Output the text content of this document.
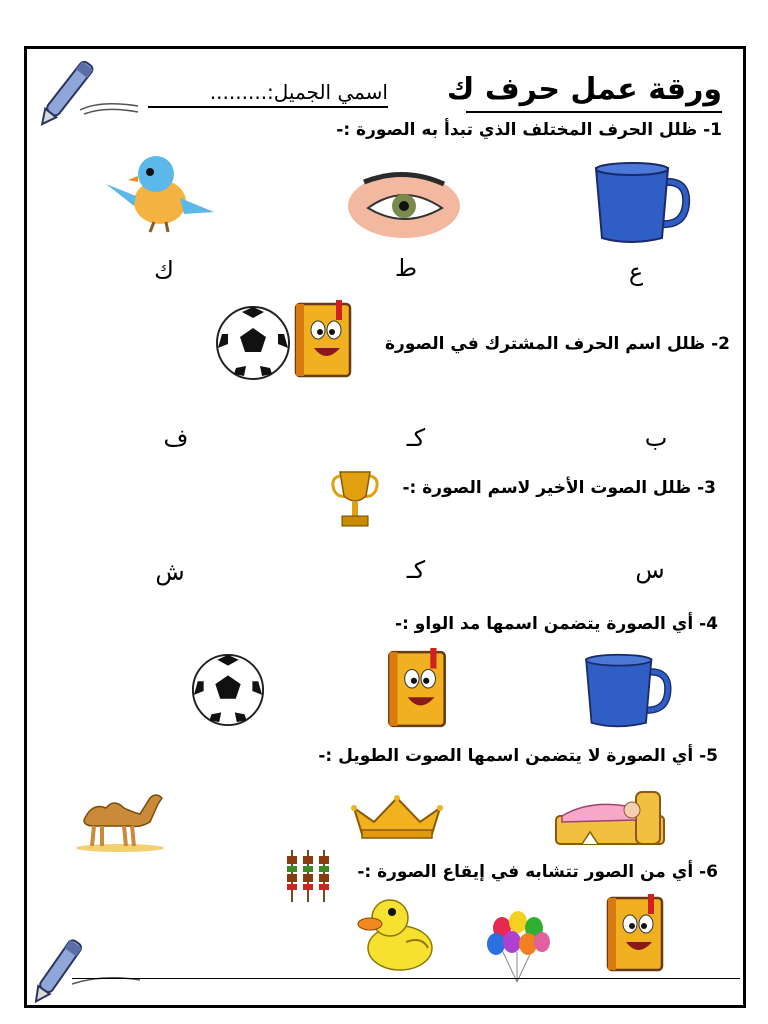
ورقة عمل حرف ك
اسمي الجميل:.........
1- ظلل الحرف المختلف الذي تبدأ به الصورة :-
ع
ط
ك
2- ظلل اسم الحرف المشترك في الصورة
ب
كـ
ف
3- ظلل الصوت الأخير لاسم الصورة :-
س
كـ
ش
4- أي الصورة يتضمن اسمها مد الواو :-
5- أي الصورة لا يتضمن اسمها الصوت الطويل :-
6- أي من الصور تتشابه في إيقاع الصورة :-
